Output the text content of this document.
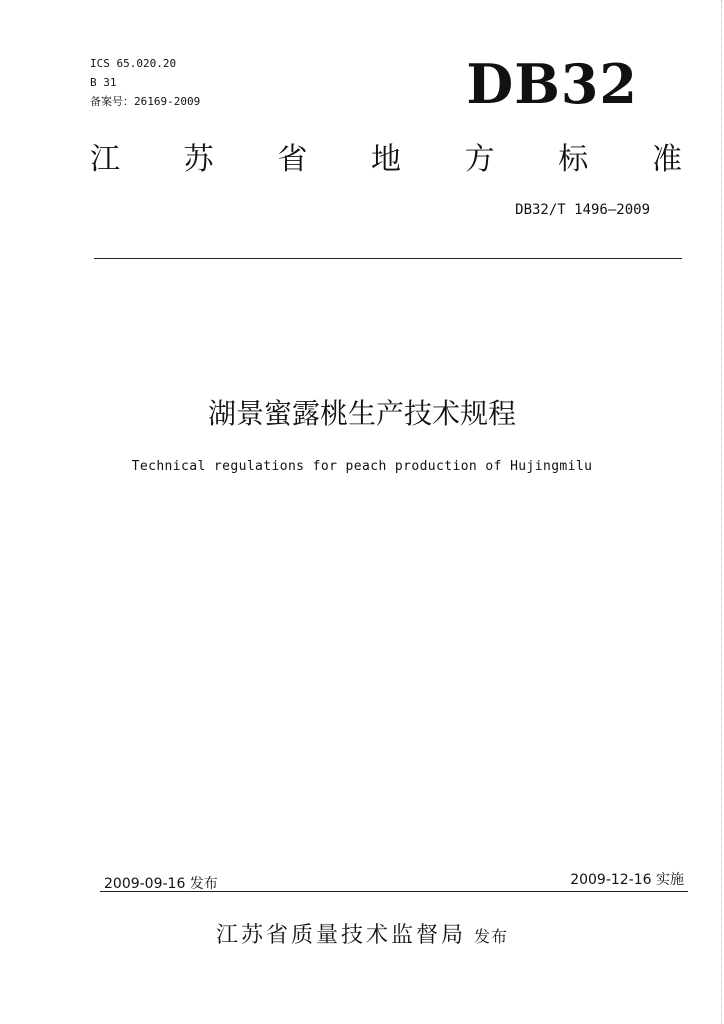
ICS 65.020.20
B 31
备案号：26169-2009	DB32
江 苏 省 地 方 标 准
DB32/T 1496—2009
湖景蜜露桃生产技术规程
Technical regulations for peach production of Hujingmilu
2009-09-16 发布	2009-12-16 实施
江苏省质量技术监督局 发布
